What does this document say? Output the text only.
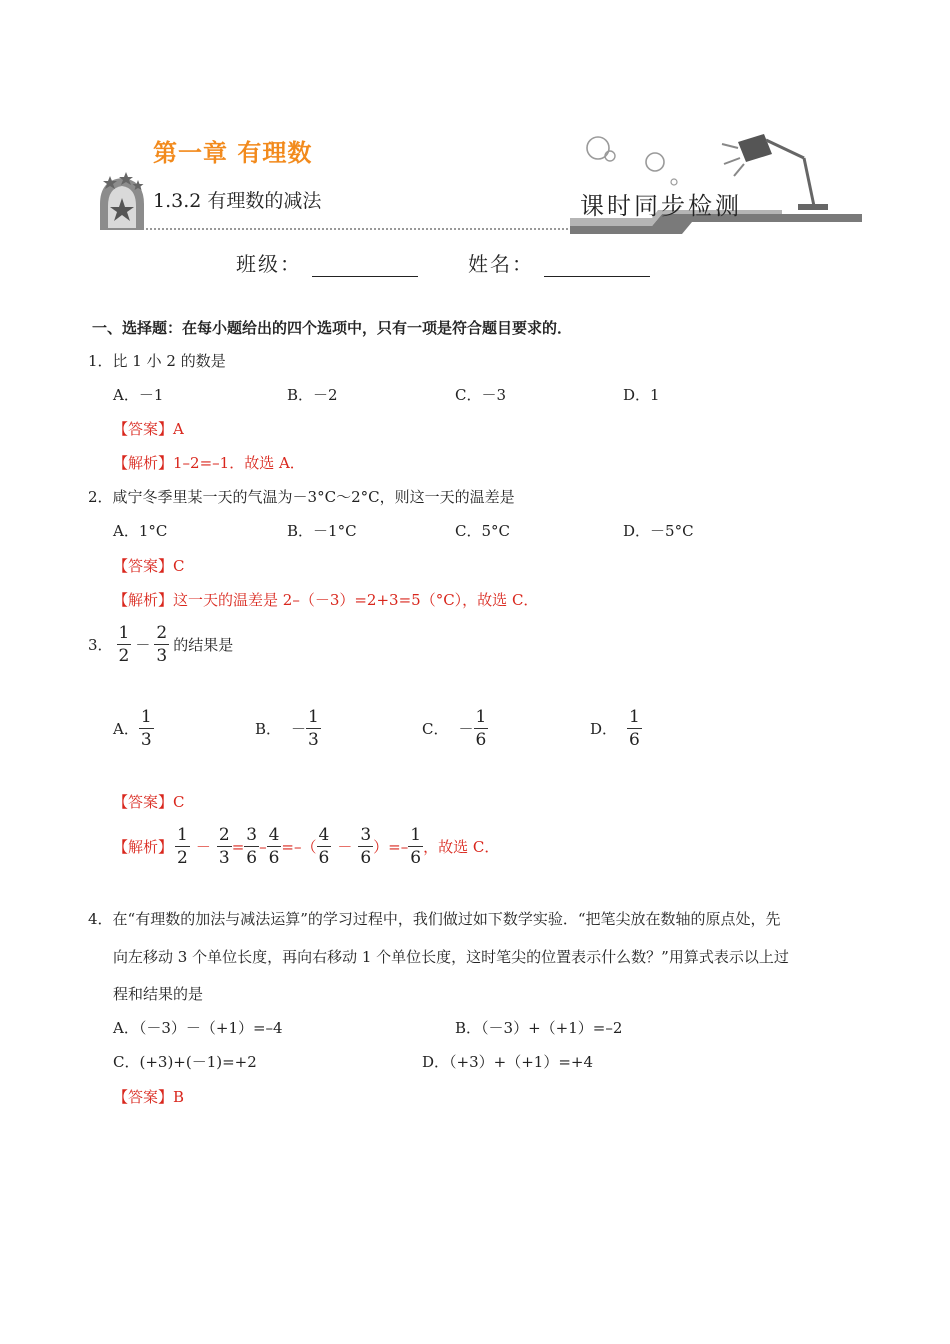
第一章 有理数
1.3.2 有理数的减法	课时同步检测
班级：	姓名：
一、选择题：在每小题给出的四个选项中，只有一项是符合题目要求的．
1．比 1 小 2 的数是
A．－1	B．－2	C．－3	D．1
【答案】A
【解析】1–2=–1．故选 A．
2．咸宁冬季里某一天的气温为－3°C～2°C，则这一天的温差是
A．1°C	B．－1°C	C．5°C	D．－5°C
【答案】C
【解析】这一天的温差是 2–（－3）=2+3=5（°C），故选 C．
3． $\frac{1}{2} - \frac{2}{3}$ 的结果是
A． $\frac{1}{3}$	B． － $\frac{1}{3}$	C． － $\frac{1}{6}$	D． $\frac{1}{6}$
【答案】C
【解析】 $\frac{1}{2} - \frac{2}{3} = \frac{3}{6} - \frac{4}{6}$ =–（ $\frac{4}{6} - \frac{3}{6}$ ）=– $\frac{1}{6}$ ，故选 C．
4．在“有理数的加法与减法运算”的学习过程中，我们做过如下数学实验．“把笔尖放在数轴的原点处，先
向左移动 3 个单位长度，再向右移动 1 个单位长度，这时笔尖的位置表示什么数？”用算式表示以上过
程和结果的是
A．（－3）－（+1）=–4	B．（－3）+（+1）=–2
C．(+3)+(－1)=+2	D．（+3）+（+1）=+4
【答案】B
